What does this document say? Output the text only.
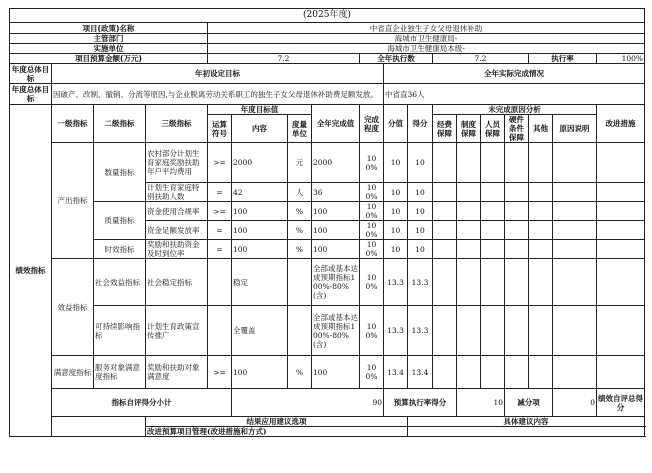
(2025年度)																		
项目(政策)名称				中省直企业独生子女父母退休补助														
主管部门				海城市卫生健康局-														
实施单位				海城市卫生健康局本级-														
项目预算金额(万元)				7.2				全年执行数			7.2				执行率		100%	
年度总体目标	年初设定目标								全年实际完成情况									
年度总体目标	因破产、改制、撤销、分流等原因,与企业脱离劳动关系职工的独生子女父母退休补助费足额发放。								中省直36人									
绩效指标	一级指标	二级指标	三级指标	年度目标值			全年完成值	完成程度	分值	得分	未完成原因分析						改进措施	
				运算符号	内容	度量单位					经费保障	制度保障	人员保障	硬件条件保障	其他	原因说明		
	产出指标	数量指标	农村部分计划生育家庭奖励扶助年户平均费用	>=	2000	元	2000	100%	10	10								
			计划生育家庭特别扶助人数	=	42	人	36	100%	10	10								
		质量指标	资金使用合规率	>=	100	%	100	100%	10	10								
			资金足额发放率	=	100	%	100	100%	10	10								
		时效指标	奖励和扶助资金及时到位率	=	100	%	100	100%	10	10								
	效益指标	社会效益指标	社会稳定指标		稳定		全部或基本达成预期指标100%-80%(含)	100%	13.3	13.3								
		可持续影响指标	计划生育政策宣传推广		全覆盖		全部或基本达成预期指标100%-80%(含)	100%	13.3	13.3								
	满意度指标	服务对象满意度指标	奖励和扶助对象满意度	>=	100	%	100	100%	13.4	13.4								
	指标自评得分小计				90				预算执行率得分			10		减分项		0	绩效自评总得分	
			结果应用建议选项							具体建议内容								
			改进预算项目管理(改进措施和方式)															
